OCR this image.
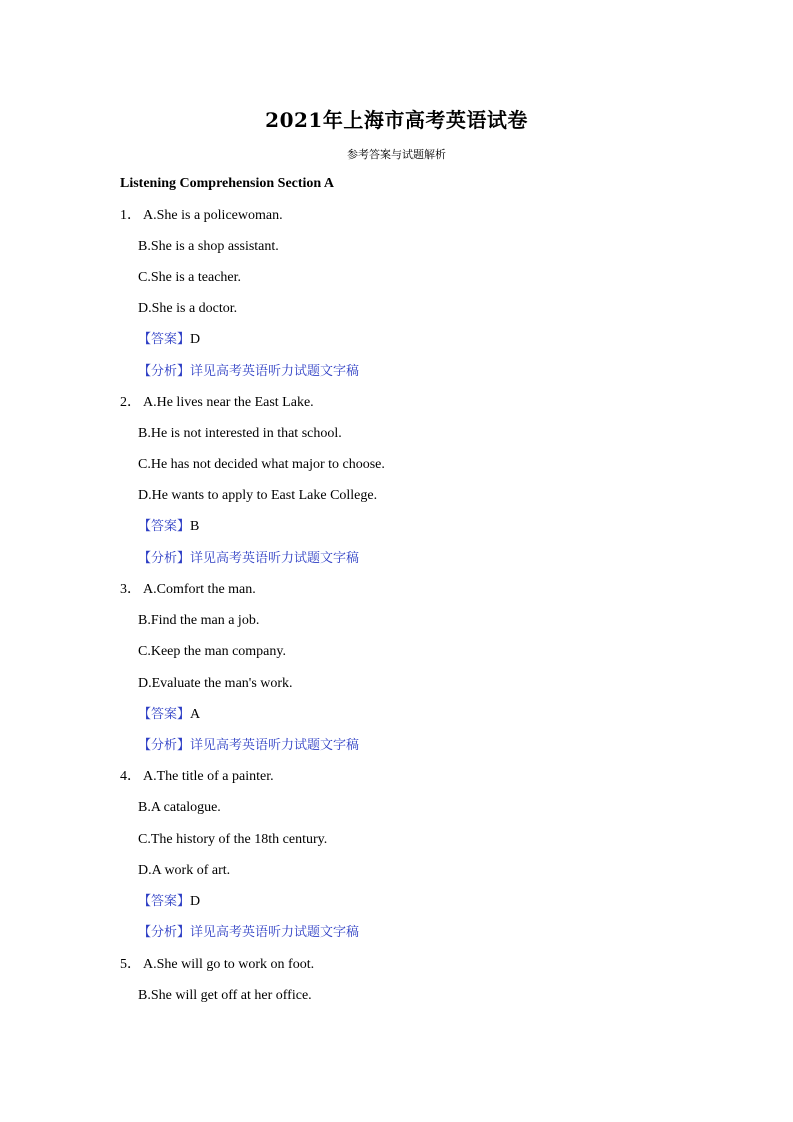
2021年上海市高考英语试卷
参考答案与试题解析
Listening Comprehension Section A
1． A.She is a policewoman.
B.She is a shop assistant.
C.She is a teacher.
D.She is a doctor.
【答案】D
【分析】详见高考英语听力试题文字稿
2． A.He lives near the East Lake.
B.He is not interested in that school.
C.He has not decided what major to choose.
D.He wants to apply to East Lake College.
【答案】B
【分析】详见高考英语听力试题文字稿
3． A.Comfort the man.
B.Find the man a job.
C.Keep the man company.
D.Evaluate the man's work.
【答案】A
【分析】详见高考英语听力试题文字稿
4． A.The title of a painter.
B.A catalogue.
C.The history of the 18th century.
D.A work of art.
【答案】D
【分析】详见高考英语听力试题文字稿
5． A.She will go to work on foot.
B.She will get off at her office.
